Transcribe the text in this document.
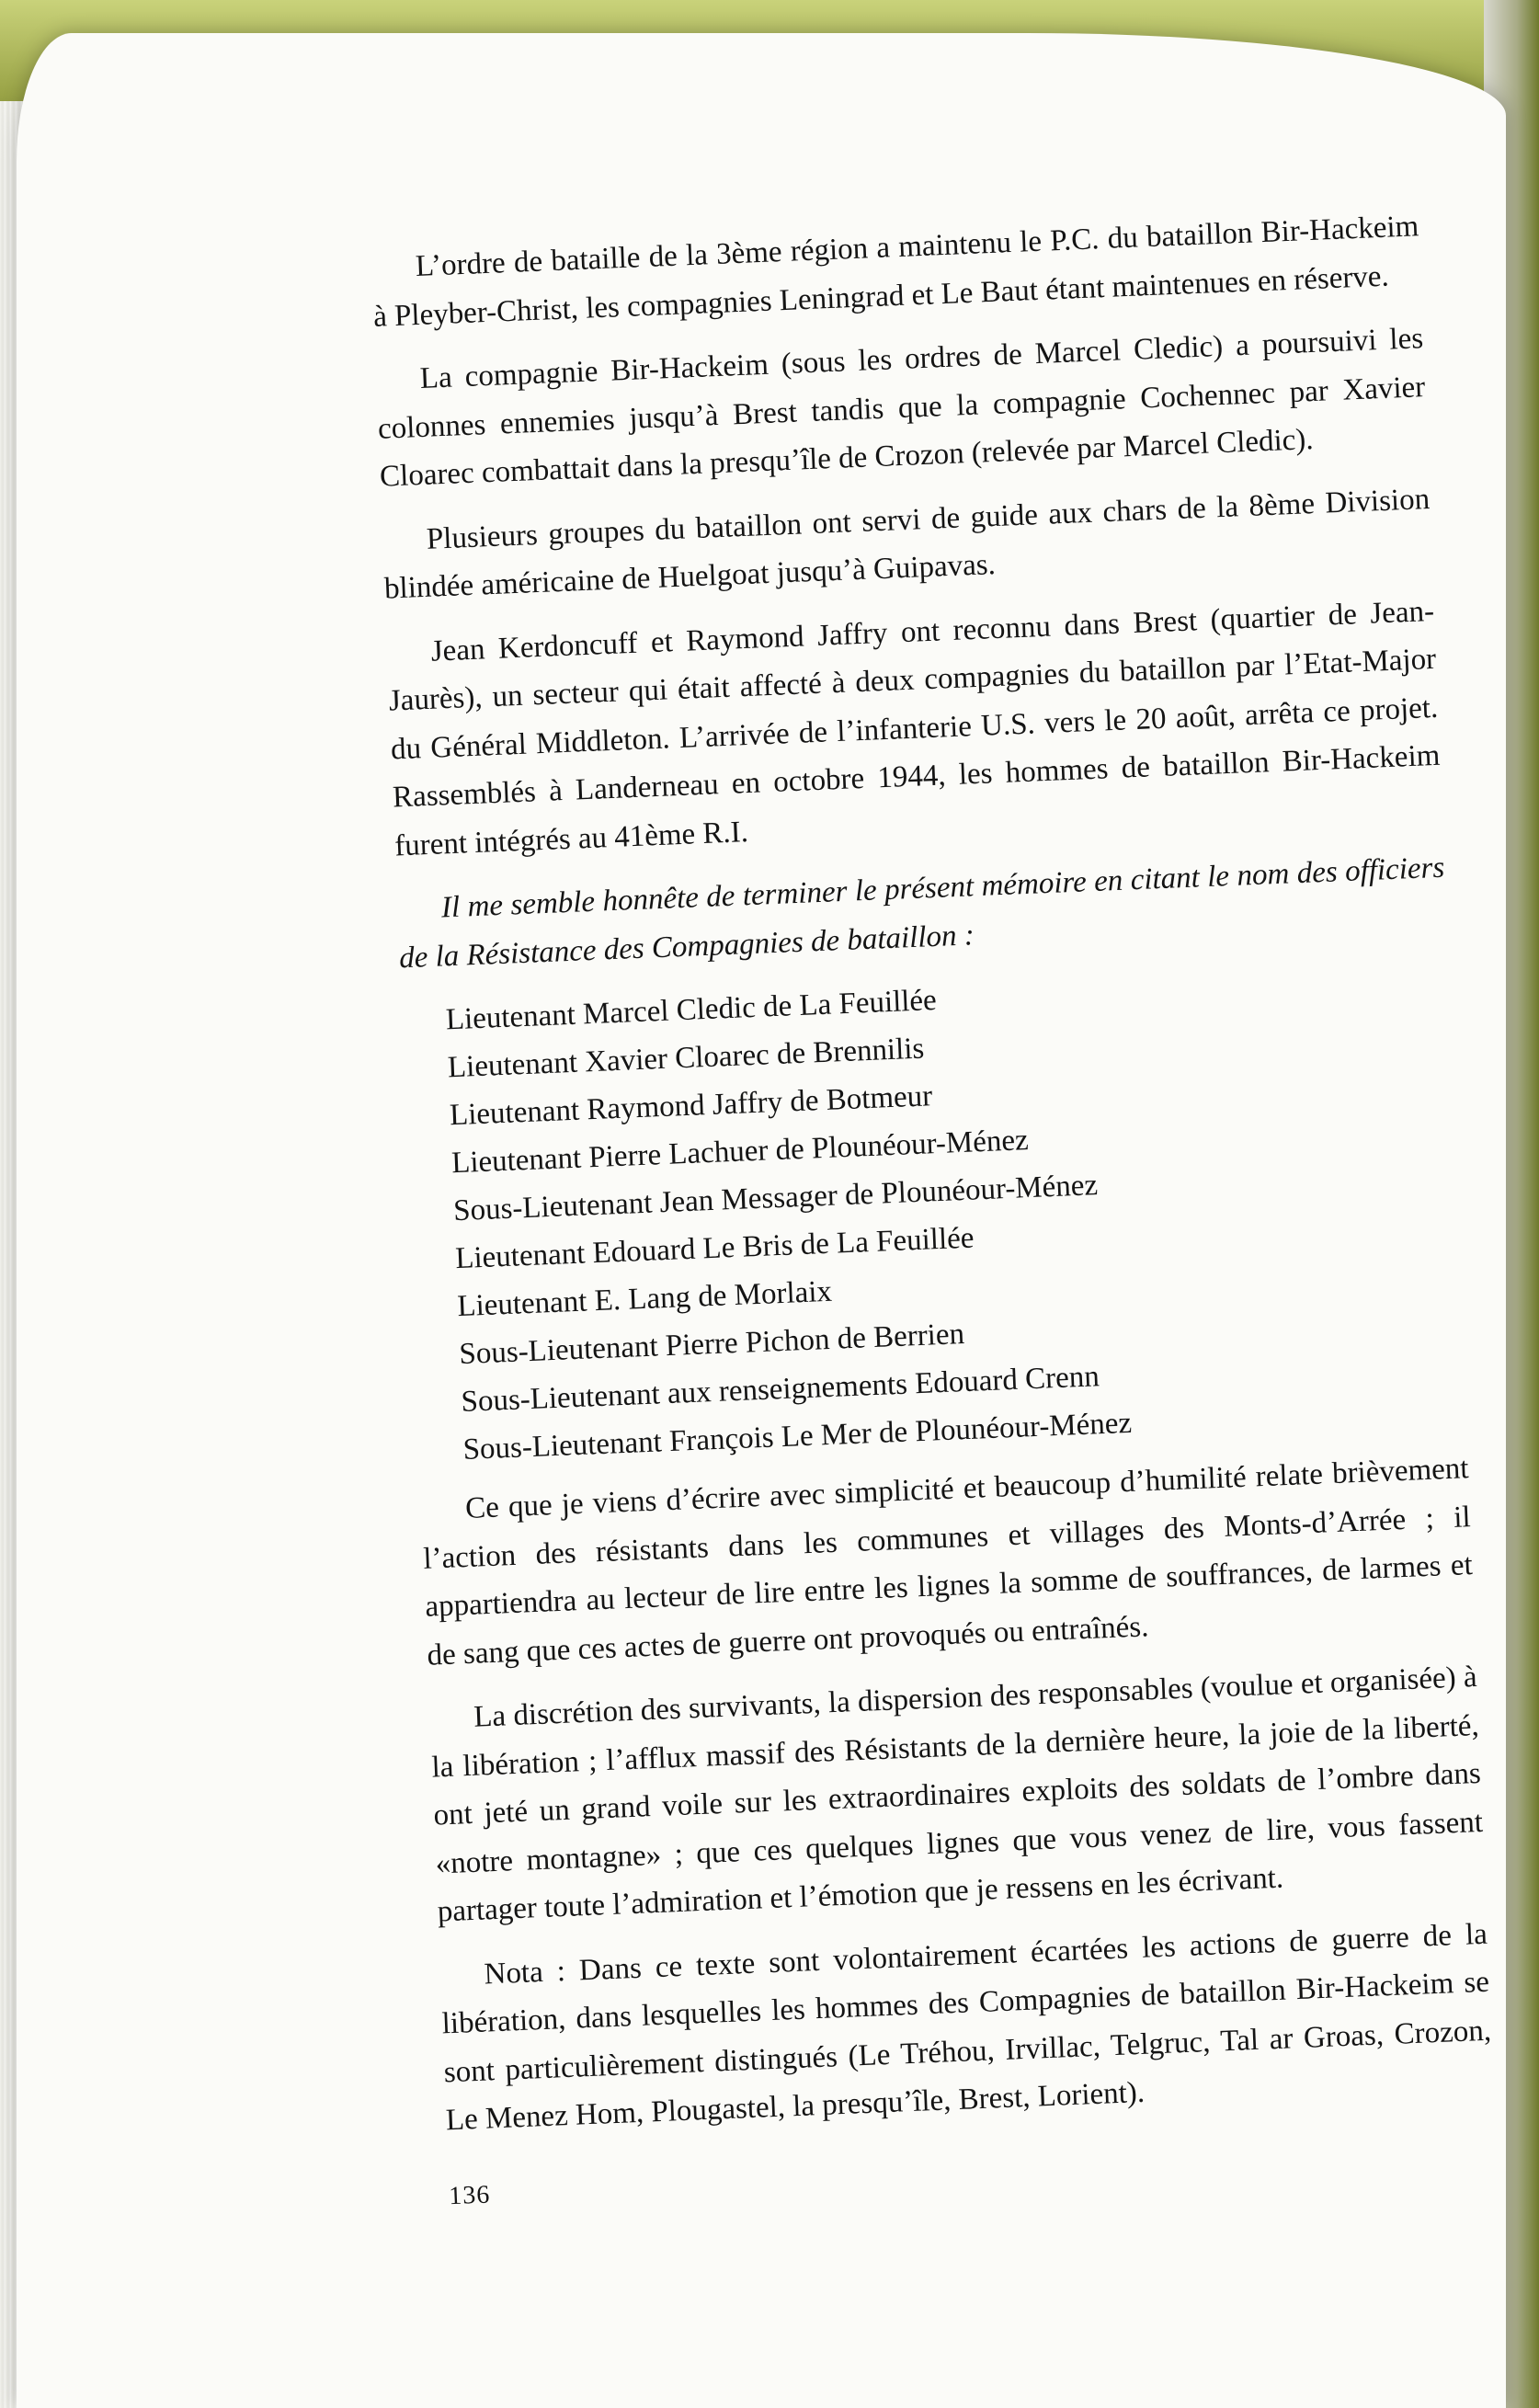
L’ordre de bataille de la 3ème région a maintenu le P.C. du bataillon Bir-Hackeim à Pleyber-Christ, les compagnies Leningrad et Le Baut étant maintenues en réserve.

La compagnie Bir-Hackeim (sous les ordres de Marcel Cledic) a poursuivi les colonnes ennemies jusqu’à Brest tandis que la compagnie Cochennec par Xavier Cloarec combattait dans la presqu’île de Crozon (relevée par Marcel Cledic).

Plusieurs groupes du bataillon ont servi de guide aux chars de la 8ème Division blindée américaine de Huelgoat jusqu’à Guipavas.

Jean Kerdoncuff et Raymond Jaffry ont reconnu dans Brest (quartier de Jean-Jaurès), un secteur qui était affecté à deux compagnies du bataillon par l’Etat-Major du Général Middleton. L’arrivée de l’infanterie U.S. vers le 20 août, arrêta ce projet. Rassemblés à Landerneau en octobre 1944, les hommes de bataillon Bir-Hackeim furent intégrés au 41ème R.I.

Il me semble honnête de terminer le présent mémoire en citant le nom des officiers de la Résistance des Compagnies de bataillon :

Lieutenant Marcel Cledic de La Feuillée
Lieutenant Xavier Cloarec de Brennilis
Lieutenant Raymond Jaffry de Botmeur
Lieutenant Pierre Lachuer de Plounéour-Ménez
Sous-Lieutenant Jean Messager de Plounéour-Ménez
Lieutenant Edouard Le Bris de La Feuillée
Lieutenant E. Lang de Morlaix
Sous-Lieutenant Pierre Pichon de Berrien
Sous-Lieutenant aux renseignements Edouard Crenn
Sous-Lieutenant François Le Mer de Plounéour-Ménez

Ce que je viens d’écrire avec simplicité et beaucoup d’humilité relate brièvement l’action des résistants dans les communes et villages des Monts-d’Arrée ; il appartiendra au lecteur de lire entre les lignes la somme de souffrances, de larmes et de sang que ces actes de guerre ont provoqués ou entraînés.

La discrétion des survivants, la dispersion des responsables (voulue et organisée) à la libération ; l’afflux massif des Résistants de la dernière heure, la joie de la liberté, ont jeté un grand voile sur les extraordinaires exploits des soldats de l’ombre dans «notre montagne» ; que ces quelques lignes que vous venez de lire, vous fassent partager toute l’admiration et l’émotion que je ressens en les écrivant.

Nota : Dans ce texte sont volontairement écartées les actions de guerre de la libération, dans lesquelles les hommes des Compagnies de bataillon Bir-Hackeim se sont particulièrement distingués (Le Tréhou, Irvillac, Telgruc, Tal ar Groas, Crozon, Le Menez Hom, Plougastel, la presqu’île, Brest, Lorient).

136
